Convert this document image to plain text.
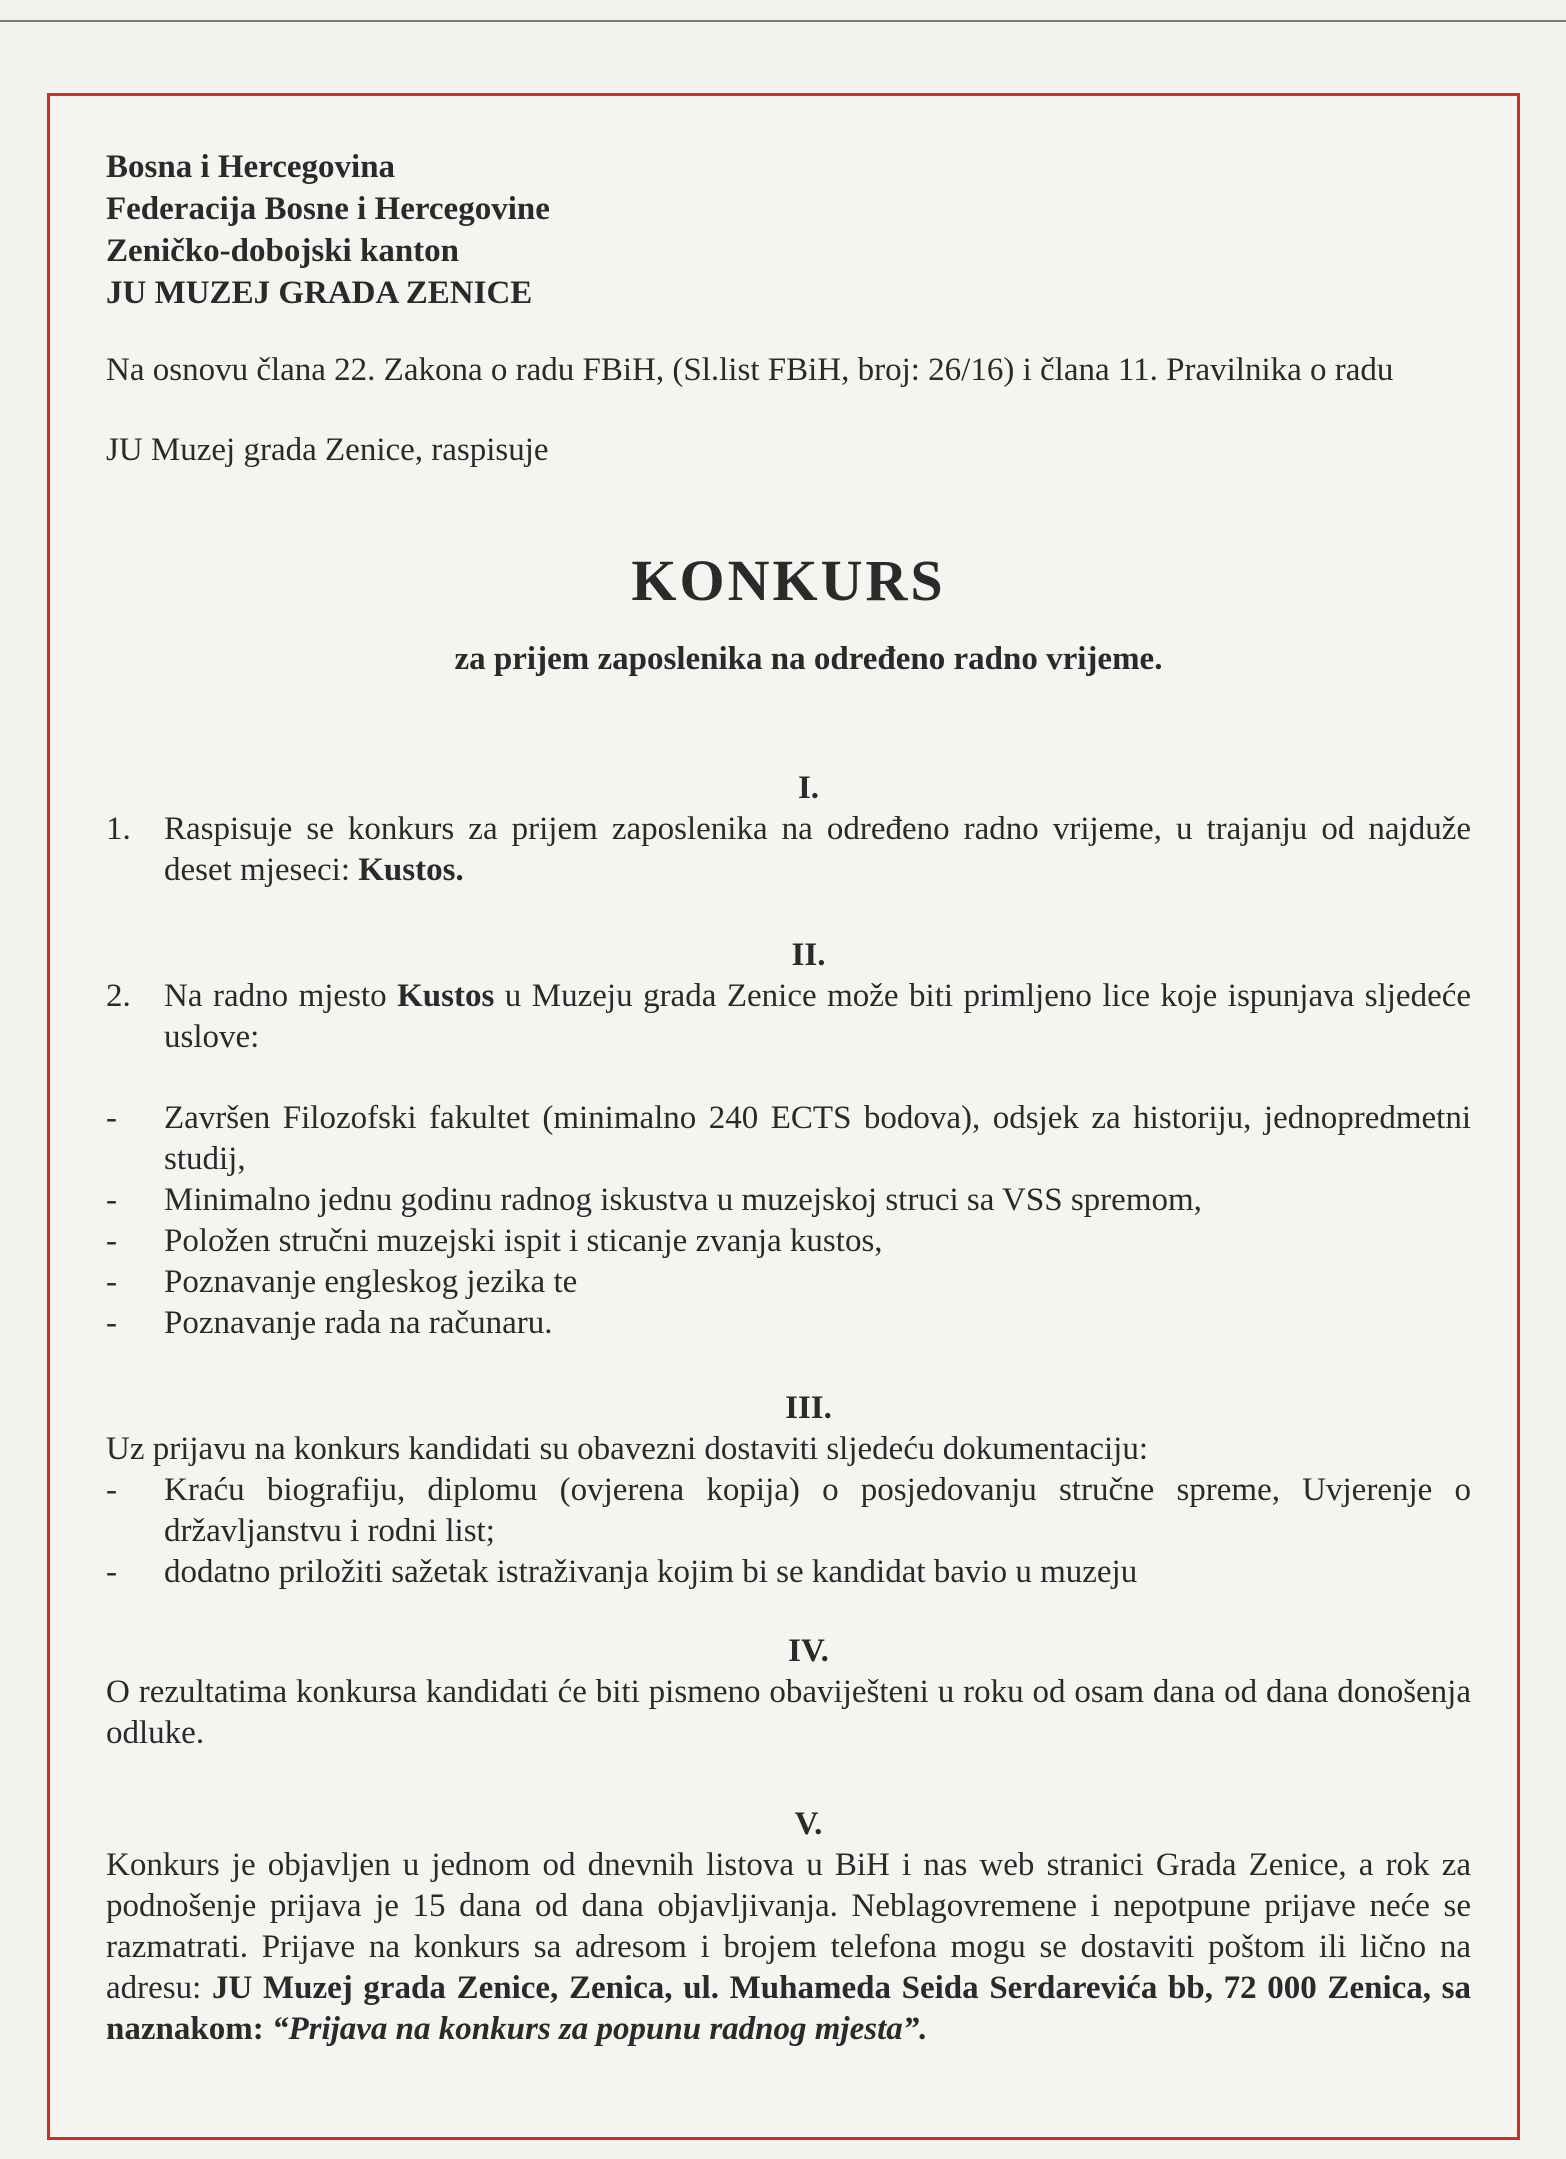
Bosna i Hercegovina
Federacija Bosne i Hercegovine
Zeničko-dobojski kanton
JU MUZEJ GRADA ZENICE

Na osnovu člana 22. Zakona o radu FBiH, (Sl.list FBiH, broj: 26/16) i člana 11. Pravilnika o radu

JU Muzej grada Zenice, raspisuje

KONKURS
za prijem zaposlenika na određeno radno vrijeme.
I.
1.	Raspisuje se konkurs za prijem zaposlenika na određeno radno vrijeme, u trajanju od najduže deset mjeseci: Kustos.
II.
2.	Na radno mjesto Kustos u Muzeju grada Zenice može biti primljeno lice koje ispunjava sljedeće uslove:
-	Završen Filozofski fakultet (minimalno 240 ECTS bodova), odsjek za historiju, jednopredmetni studij,
-	Minimalno jednu godinu radnog iskustva u muzejskoj struci sa VSS spremom,
-	Položen stručni muzejski ispit i sticanje zvanja kustos,
-	Poznavanje engleskog jezika te
-	Poznavanje rada na računaru.
III.

Uz prijavu na konkurs kandidati su obavezni dostaviti sljedeću dokumentaciju:

-	Kraću biografiju, diplomu (ovjerena kopija) o posjedovanju stručne spreme, Uvjerenje o državljanstvu i rodni list;
-	dodatno priložiti sažetak istraživanja kojim bi se kandidat bavio u muzeju
IV.

O rezultatima konkursa kandidati će biti pismeno obaviješteni u roku od osam dana od dana donošenja odluke.

V.

Konkurs je objavljen u jednom od dnevnih listova u BiH i nas web stranici Grada Zenice, a rok za podnošenje prijava je 15 dana od dana objavljivanja. Neblagovremene i nepotpune prijave neće se razmatrati. Prijave na konkurs sa adresom i brojem telefona mogu se dostaviti poštom ili lično na adresu: JU Muzej grada Zenice, Zenica, ul. Muhameda Seida Serdarevića bb, 72 000 Zenica, sa naznakom: “Prijava na konkurs za popunu radnog mjesta”.
